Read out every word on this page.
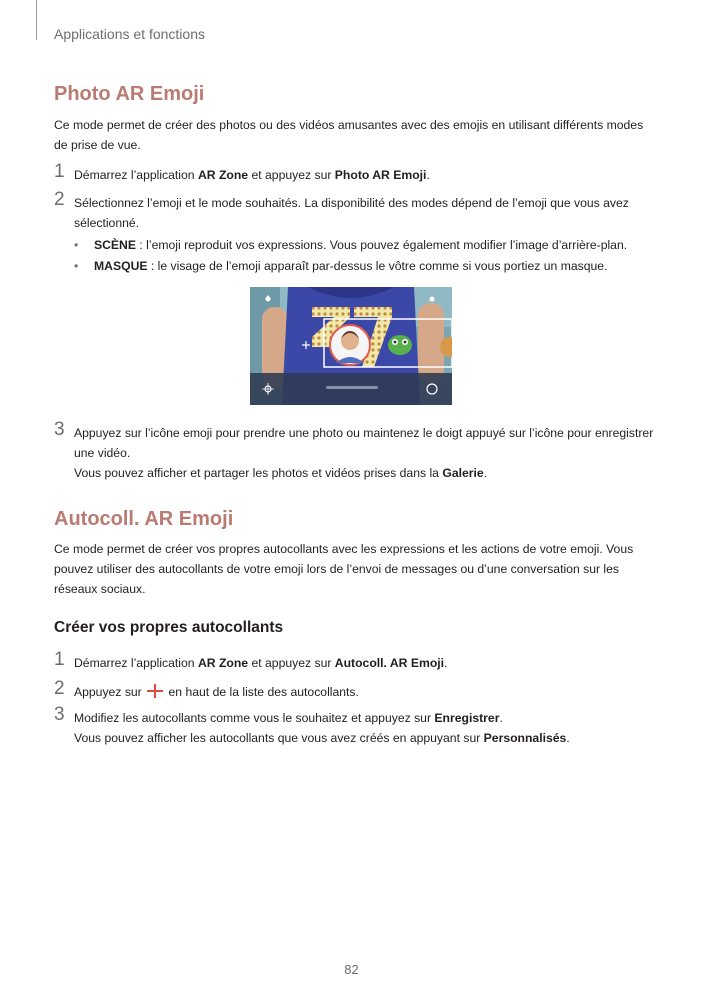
Applications et fonctions
Photo AR Emoji
Ce mode permet de créer des photos ou des vidéos amusantes avec des emojis en utilisant différents modes de prise de vue.
1 Démarrez l’application AR Zone et appuyez sur Photo AR Emoji.
2 Sélectionnez l’emoji et le mode souhaités. La disponibilité des modes dépend de l’emoji que vous avez sélectionné.
• SCÈNE : l’emoji reproduit vos expressions. Vous pouvez également modifier l’image d’arrière-plan.
• MASQUE : le visage de l’emoji apparaît par-dessus le vôtre comme si vous portiez un masque.
3 Appuyez sur l’icône emoji pour prendre une photo ou maintenez le doigt appuyé sur l’icône pour enregistrer une vidéo.
Vous pouvez afficher et partager les photos et vidéos prises dans la Galerie.
Autocoll. AR Emoji
Ce mode permet de créer vos propres autocollants avec les expressions et les actions de votre emoji. Vous pouvez utiliser des autocollants de votre emoji lors de l’envoi de messages ou d’une conversation sur les réseaux sociaux.
Créer vos propres autocollants
1 Démarrez l’application AR Zone et appuyez sur Autocoll. AR Emoji.
2 Appuyez sur  en haut de la liste des autocollants.
3 Modifiez les autocollants comme vous le souhaitez et appuyez sur Enregistrer.
Vous pouvez afficher les autocollants que vous avez créés en appuyant sur Personnalisés.
82
